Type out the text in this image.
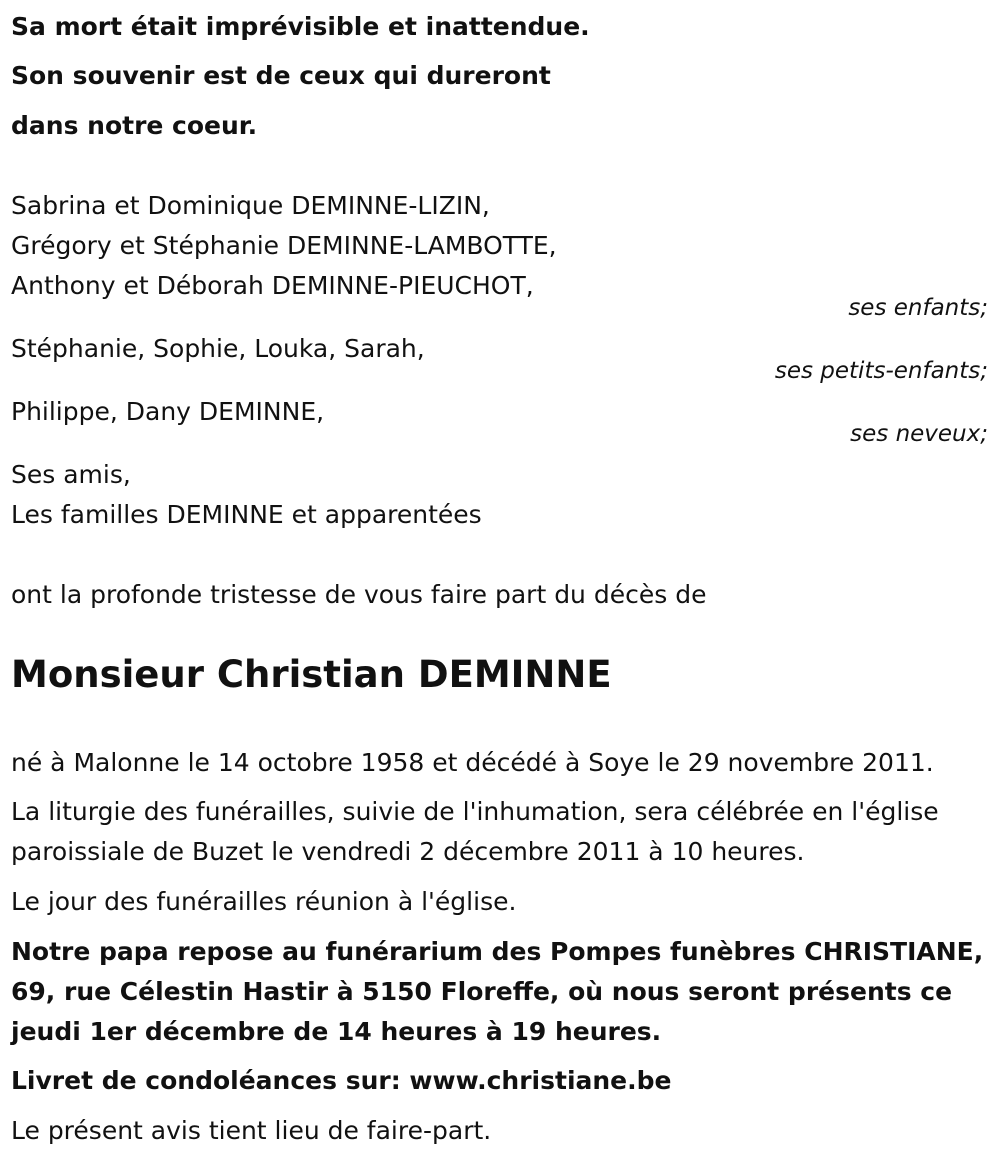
Sa mort était imprévisible et inattendue.
Son souvenir est de ceux qui dureront
dans notre coeur.
Sabrina et Dominique DEMINNE-LIZIN,
Grégory et Stéphanie DEMINNE-LAMBOTTE,
Anthony et Déborah DEMINNE-PIEUCHOT,
ses enfants;
Stéphanie, Sophie, Louka, Sarah,
ses petits-enfants;
Philippe, Dany DEMINNE,
ses neveux;
Ses amis,
Les familles DEMINNE et apparentées
ont la profonde tristesse de vous faire part du décès de
Monsieur Christian DEMINNE
né à Malonne le 14 octobre 1958 et décédé à Soye le 29 novembre 2011.
La liturgie des funérailles, suivie de l'inhumation, sera célébrée en l'église
paroissiale de Buzet le vendredi 2 décembre 2011 à 10 heures.
Le jour des funérailles réunion à l'église.
Notre papa repose au funérarium des Pompes funèbres CHRISTIANE,
69, rue Célestin Hastir à 5150 Floreffe, où nous seront présents ce
jeudi 1er décembre de 14 heures à 19 heures.
Livret de condoléances sur: www.christiane.be
Le présent avis tient lieu de faire-part.
